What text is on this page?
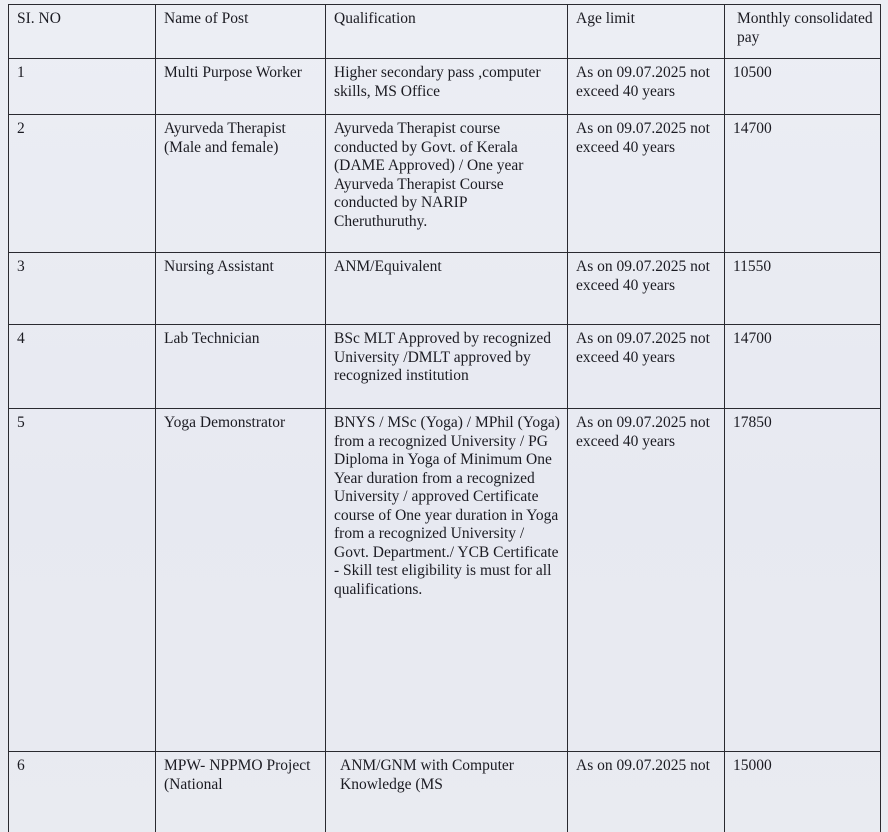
SI. NO	Name of Post	Qualification	Age limit	Monthly consolidated pay
1	Multi Purpose Worker	Higher secondary pass ,computer skills, MS Office	As on 09.07.2025 not exceed 40 years	10500
2	Ayurveda Therapist (Male and female)	Ayurveda Therapist course conducted by Govt. of Kerala (DAME Approved) / One year Ayurveda Therapist Course conducted by NARIP Cheruthuruthy.	As on 09.07.2025 not exceed 40 years	14700
3	Nursing Assistant	ANM/Equivalent	As on 09.07.2025 not exceed 40 years	11550
4	Lab Technician	BSc MLT Approved by recognized University /DMLT approved by recognized institution	As on 09.07.2025 not exceed 40 years	14700
5	Yoga Demonstrator	BNYS / MSc (Yoga) / MPhil (Yoga) from a recognized University / PG Diploma in Yoga of Minimum One Year duration from a recognized University / approved Certificate course of One year duration in Yoga from a recognized University / Govt. Department./ YCB Certificate - Skill test eligibility is must for all qualifications.	As on 09.07.2025 not exceed 40 years	17850
6	MPW- NPPMO Project (National	ANM/GNM with Computer Knowledge (MS	As on 09.07.2025 not	15000
